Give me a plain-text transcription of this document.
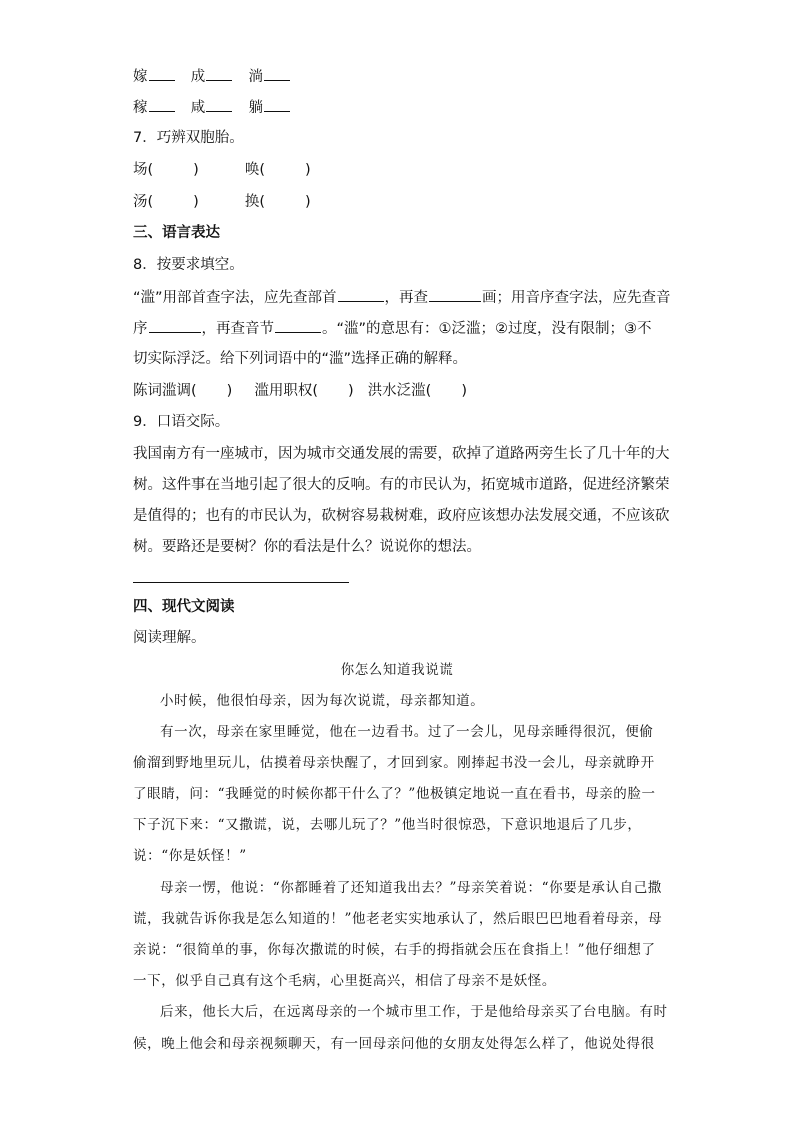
嫁	成	淌
稼	咸	躺
7．巧辨双胞胎。
场(	)	唤(	)
汤(	)	换(	)
三、语言表达
8．按要求填空。
“滥”用部首查字法，应先查部首	，再查	画；用音序查字法，应先查音
序	，再查音节	。“滥”的意思有：①泛滥；②过度，没有限制；③不
切实际浮泛。给下列词语中的“滥”选择正确的解释。
陈词滥调( ) 滥用职权( ) 洪水泛滥( )
9．口语交际。
我国南方有一座城市，因为城市交通发展的需要，砍掉了道路两旁生长了几十年的大
树。这件事在当地引起了很大的反响。有的市民认为，拓宽城市道路，促进经济繁荣
是值得的；也有的市民认为，砍树容易栽树难，政府应该想办法发展交通，不应该砍
树。要路还是要树？你的看法是什么？说说你的想法。
四、现代文阅读
阅读理解。
你怎么知道我说谎
小时候，他很怕母亲，因为每次说谎，母亲都知道。
有一次，母亲在家里睡觉，他在一边看书。过了一会儿，见母亲睡得很沉，便偷
偷溜到野地里玩儿，估摸着母亲快醒了，才回到家。刚捧起书没一会儿，母亲就睁开
了眼睛，问：“我睡觉的时候你都干什么了？”他极镇定地说一直在看书，母亲的脸一
下子沉下来：“又撒谎，说，去哪儿玩了？”他当时很惊恐，下意识地退后了几步，
说：“你是妖怪！”
母亲一愣，他说：“你都睡着了还知道我出去？”母亲笑着说：“你要是承认自己撒
谎，我就告诉你我是怎么知道的！”他老老实实地承认了，然后眼巴巴地看着母亲，母
亲说：“很简单的事，你每次撒谎的时候，右手的拇指就会压在食指上！”他仔细想了
一下，似乎自己真有这个毛病，心里挺高兴，相信了母亲不是妖怪。
后来，他长大后，在远离母亲的一个城市里工作，于是他给母亲买了台电脑。有时
候，晚上他会和母亲视频聊天，有一回母亲问他的女朋友处得怎么样了，他说处得很
